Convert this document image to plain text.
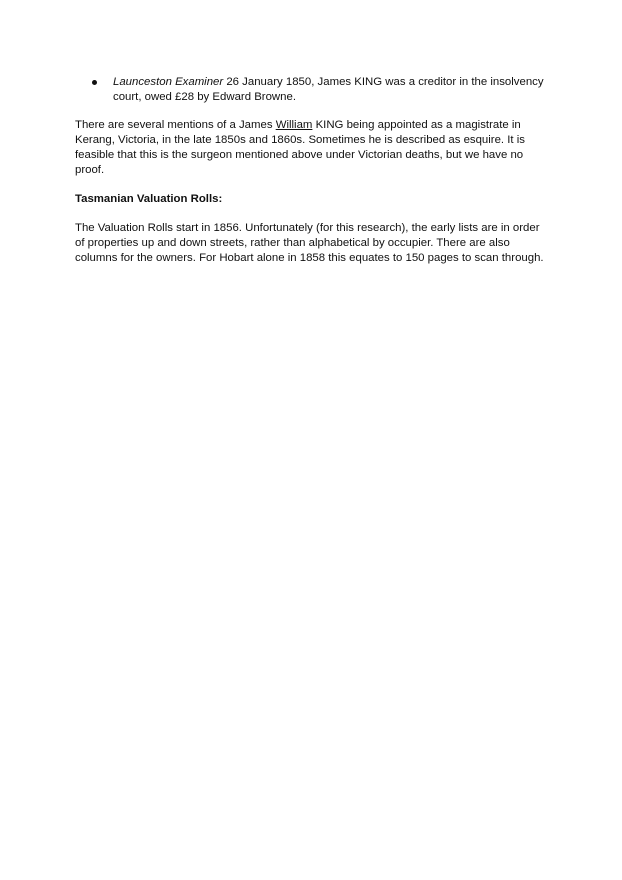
Launceston Examiner 26 January 1850, James KING was a creditor in the insolvency court, owed £28 by Edward Browne.

There are several mentions of a James William KING being appointed as a magistrate in Kerang, Victoria, in the late 1850s and 1860s. Sometimes he is described as esquire. It is feasible that this is the surgeon mentioned above under Victorian deaths, but we have no proof.

Tasmanian Valuation Rolls:

The Valuation Rolls start in 1856. Unfortunately (for this research), the early lists are in order of properties up and down streets, rather than alphabetical by occupier. There are also columns for the owners. For Hobart alone in 1858 this equates to 150 pages to scan through.
